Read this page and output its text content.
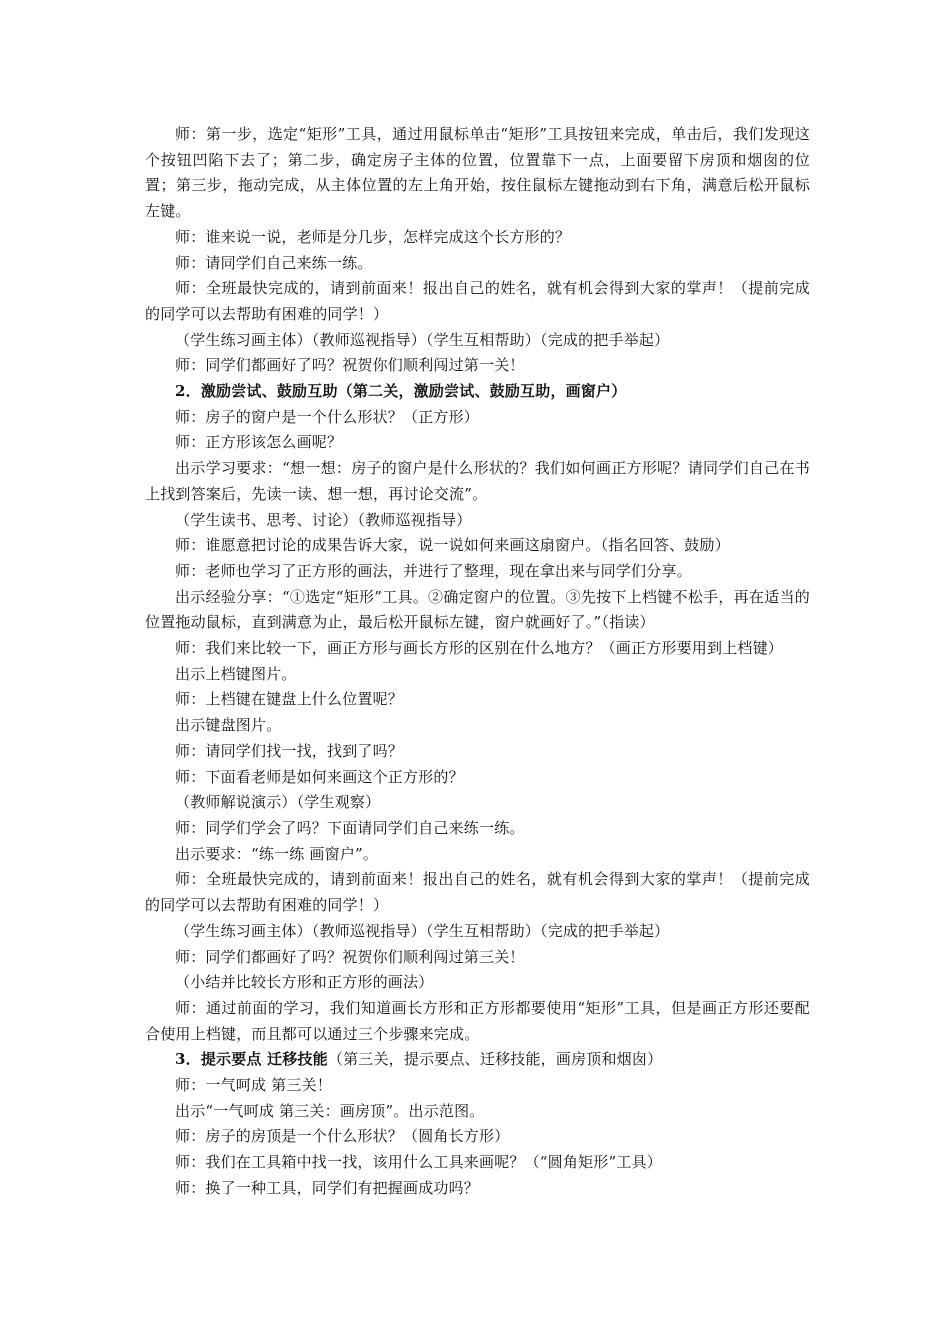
师：第一步，选定“矩形”工具，通过用鼠标单击“矩形”工具按钮来完成，单击后，我们发现这个按钮凹陷下去了；第二步，确定房子主体的位置，位置靠下一点，上面要留下房顶和烟囱的位置；第三步，拖动完成，从主体位置的左上角开始，按住鼠标左键拖动到右下角，满意后松开鼠标左键。

师：谁来说一说，老师是分几步，怎样完成这个长方形的？

师：请同学们自己来练一练。

师：全班最快完成的，请到前面来！报出自己的姓名，就有机会得到大家的掌声！（提前完成的同学可以去帮助有困难的同学！）

（学生练习画主体）（教师巡视指导）（学生互相帮助）（完成的把手举起）

师：同学们都画好了吗？祝贺你们顺利闯过第一关！

2．激励尝试、鼓励互助（第二关，激励尝试、鼓励互助，画窗户）

师：房子的窗户是一个什么形状？（正方形）

师：正方形该怎么画呢？

出示学习要求：“想一想：房子的窗户是什么形状的？我们如何画正方形呢？请同学们自己在书上找到答案后，先读一读、想一想，再讨论交流”。

（学生读书、思考、讨论）（教师巡视指导）

师：谁愿意把讨论的成果告诉大家，说一说如何来画这扇窗户。（指名回答、鼓励）

师：老师也学习了正方形的画法，并进行了整理，现在拿出来与同学们分享。

出示经验分享：“①选定“矩形”工具。②确定窗户的位置。③先按下上档键不松手，再在适当的位置拖动鼠标，直到满意为止，最后松开鼠标左键，窗户就画好了。”（指读）

师：我们来比较一下，画正方形与画长方形的区别在什么地方？（画正方形要用到上档键）

出示上档键图片。

师：上档键在键盘上什么位置呢？

出示键盘图片。

师：请同学们找一找，找到了吗？

师：下面看老师是如何来画这个正方形的？

（教师解说演示）（学生观察）

师：同学们学会了吗？下面请同学们自己来练一练。

出示要求：“练一练 画窗户”。

师：全班最快完成的，请到前面来！报出自己的姓名，就有机会得到大家的掌声！（提前完成的同学可以去帮助有困难的同学！）

（学生练习画主体）（教师巡视指导）（学生互相帮助）（完成的把手举起）

师：同学们都画好了吗？祝贺你们顺利闯过第三关！

（小结并比较长方形和正方形的画法）

师：通过前面的学习，我们知道画长方形和正方形都要使用“矩形”工具，但是画正方形还要配合使用上档键，而且都可以通过三个步骤来完成。

3．提示要点 迁移技能（第三关，提示要点、迁移技能，画房顶和烟囱）

师：一气呵成 第三关！

出示“一气呵成 第三关：画房顶”。出示范图。

师：房子的房顶是一个什么形状？（圆角长方形）

师：我们在工具箱中找一找，该用什么工具来画呢？（“圆角矩形”工具）

师：换了一种工具，同学们有把握画成功吗？
